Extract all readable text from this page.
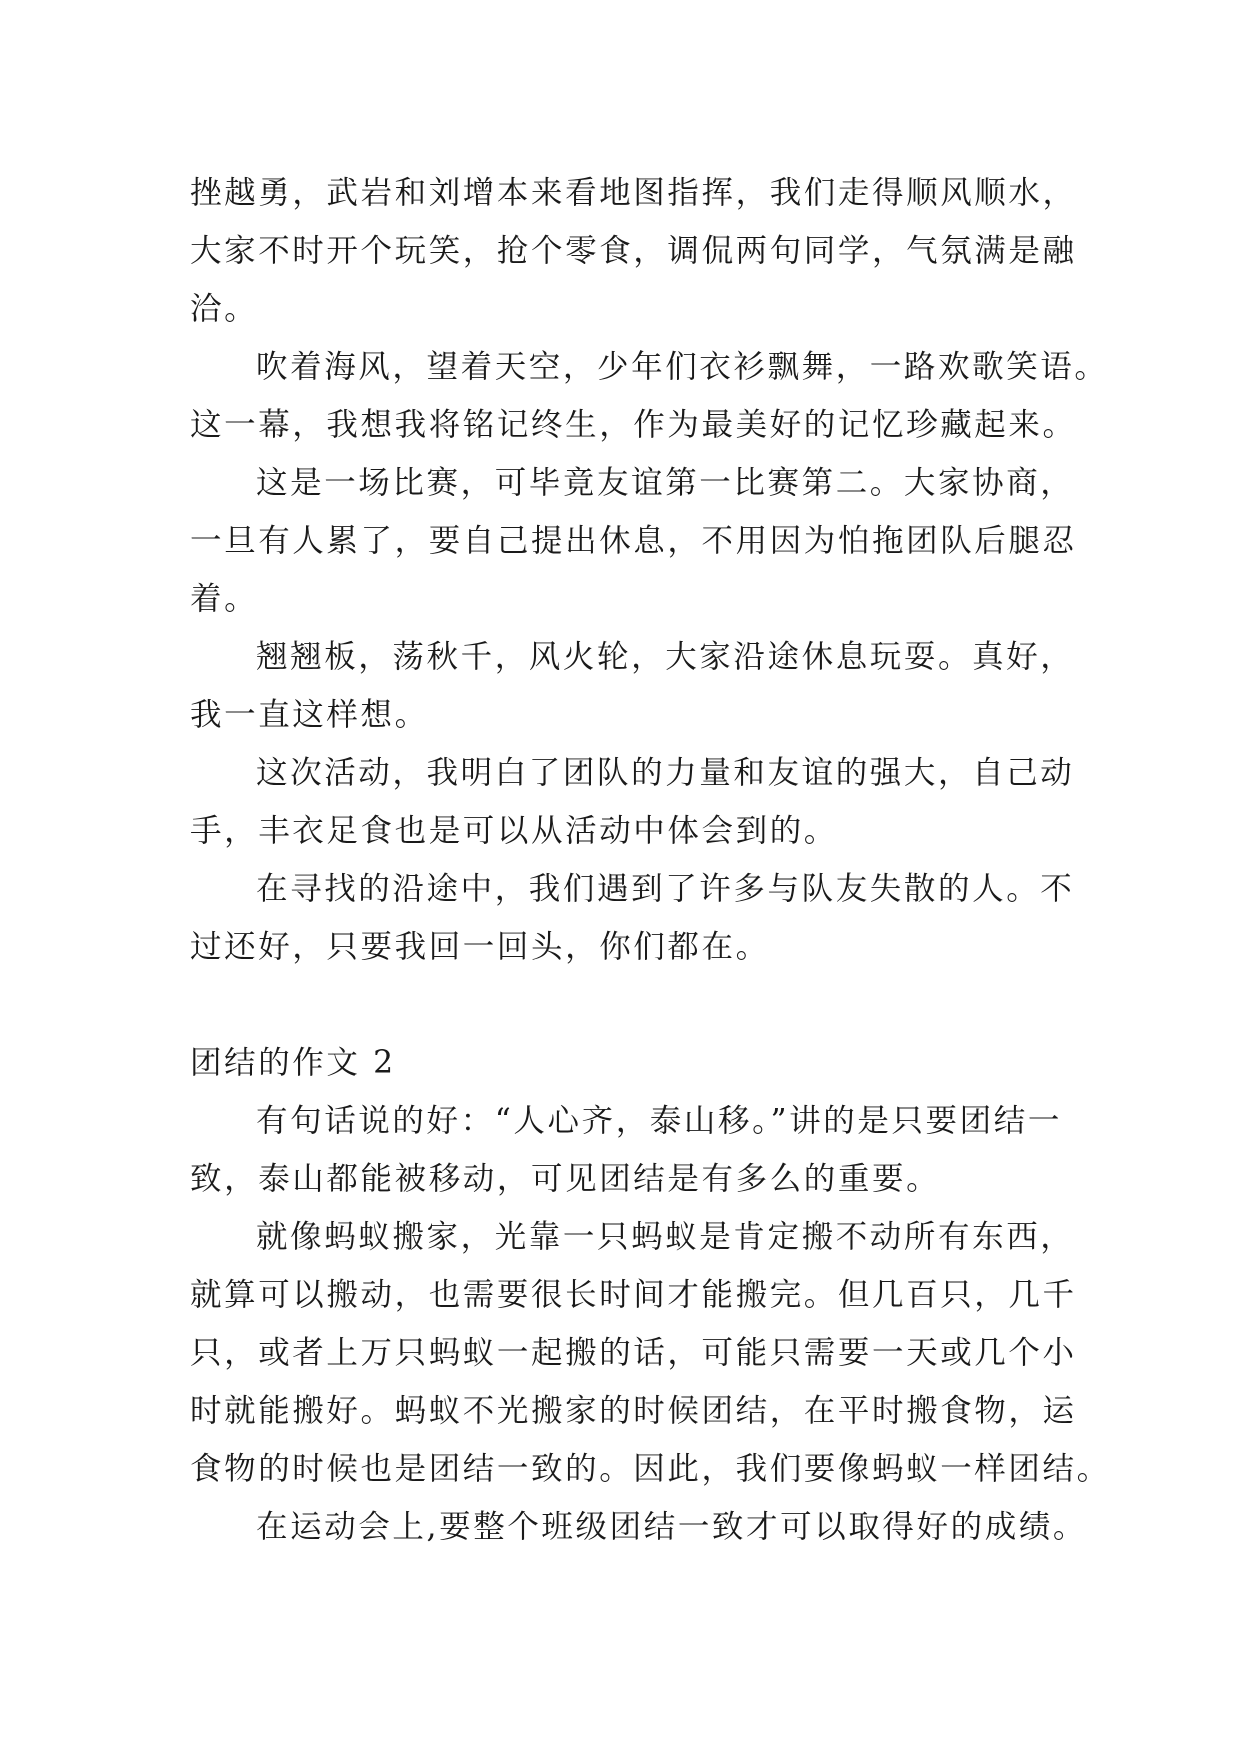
挫越勇，武岩和刘增本来看地图指挥，我们走得顺风顺水，
大家不时开个玩笑，抢个零食，调侃两句同学，气氛满是融
洽。
吹着海风，望着天空，少年们衣衫飘舞，一路欢歌笑语。
这一幕，我想我将铭记终生，作为最美好的记忆珍藏起来。
这是一场比赛，可毕竟友谊第一比赛第二。大家协商，
一旦有人累了，要自己提出休息，不用因为怕拖团队后腿忍
着。
翘翘板，荡秋千，风火轮，大家沿途休息玩耍。真好，
我一直这样想。
这次活动，我明白了团队的力量和友谊的强大，自己动
手，丰衣足食也是可以从活动中体会到的。
在寻找的沿途中，我们遇到了许多与队友失散的人。不
过还好，只要我回一回头，你们都在。
团结的作文 2
有句话说的好：“人心齐，泰山移。”讲的是只要团结一
致，泰山都能被移动，可见团结是有多么的重要。
就像蚂蚁搬家，光靠一只蚂蚁是肯定搬不动所有东西，
就算可以搬动，也需要很长时间才能搬完。但几百只，几千
只，或者上万只蚂蚁一起搬的话，可能只需要一天或几个小
时就能搬好。蚂蚁不光搬家的时候团结，在平时搬食物，运
食物的时候也是团结一致的。因此，我们要像蚂蚁一样团结。
在运动会上,要整个班级团结一致才可以取得好的成绩。
